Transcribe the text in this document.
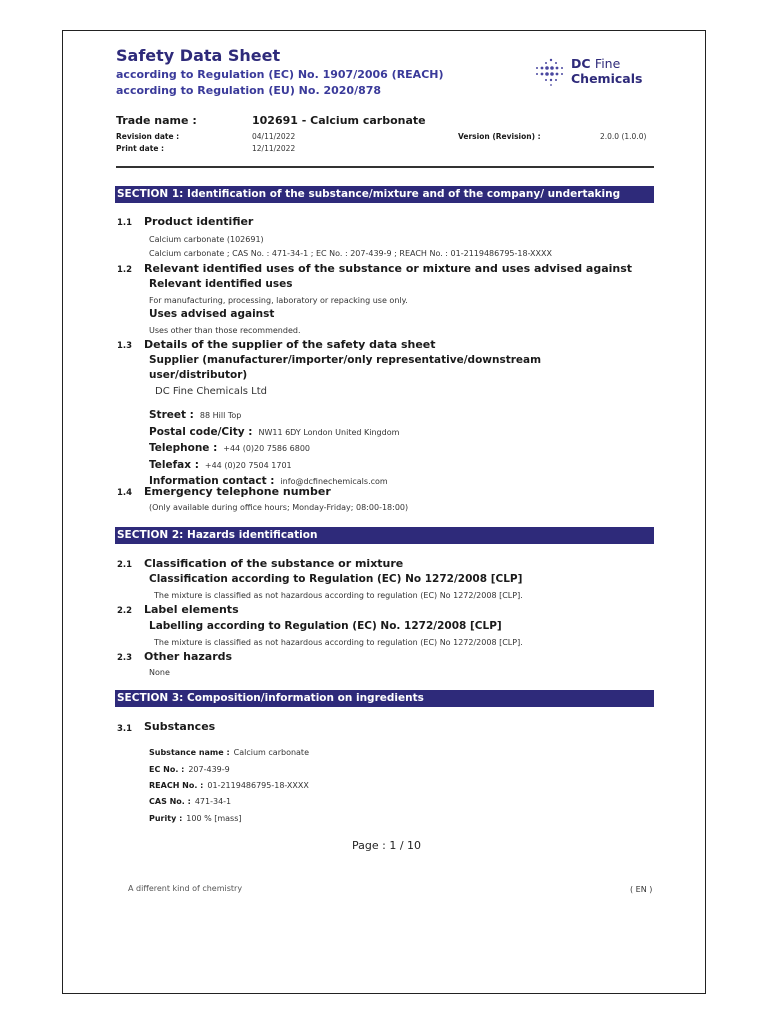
Safety Data Sheet
according to Regulation (EC) No. 1907/2006 (REACH)
according to Regulation (EU) No. 2020/878
DC Fine
Chemicals
Trade name :	102691 - Calcium carbonate
Revision date :	04/11/2022	Version (Revision) :	2.0.0 (1.0.0)
Print date :	12/11/2022
SECTION 1: Identification of the substance/mixture and of the company/ undertaking
1.1 Product identifier
Calcium carbonate (102691)
Calcium carbonate ; CAS No. : 471-34-1 ; EC No. : 207-439-9 ; REACH No. : 01-2119486795-18-XXXX
1.2 Relevant identified uses of the substance or mixture and uses advised against
Relevant identified uses
For manufacturing, processing, laboratory or repacking use only.
Uses advised against
Uses other than those recommended.
1.3 Details of the supplier of the safety data sheet
Supplier (manufacturer/importer/only representative/downstream
user/distributor)
DC Fine Chemicals Ltd
Street : 88 Hill Top
Postal code/City : NW11 6DY London United Kingdom
Telephone : +44 (0)20 7586 6800
Telefax : +44 (0)20 7504 1701
Information contact : info@dcfinechemicals.com
1.4 Emergency telephone number
(Only available during office hours; Monday-Friday; 08:00-18:00)
SECTION 2: Hazards identification
2.1 Classification of the substance or mixture
Classification according to Regulation (EC) No 1272/2008 [CLP]
The mixture is classified as not hazardous according to regulation (EC) No 1272/2008 [CLP].
2.2 Label elements
Labelling according to Regulation (EC) No. 1272/2008 [CLP]
The mixture is classified as not hazardous according to regulation (EC) No 1272/2008 [CLP].
2.3 Other hazards
None
SECTION 3: Composition/information on ingredients
3.1 Substances
Substance name : Calcium carbonate
EC No. : 207-439-9
REACH No. : 01-2119486795-18-XXXX
CAS No. : 471-34-1
Purity : 100 % [mass]
Page : 1 / 10
A different kind of chemistry	( EN )
